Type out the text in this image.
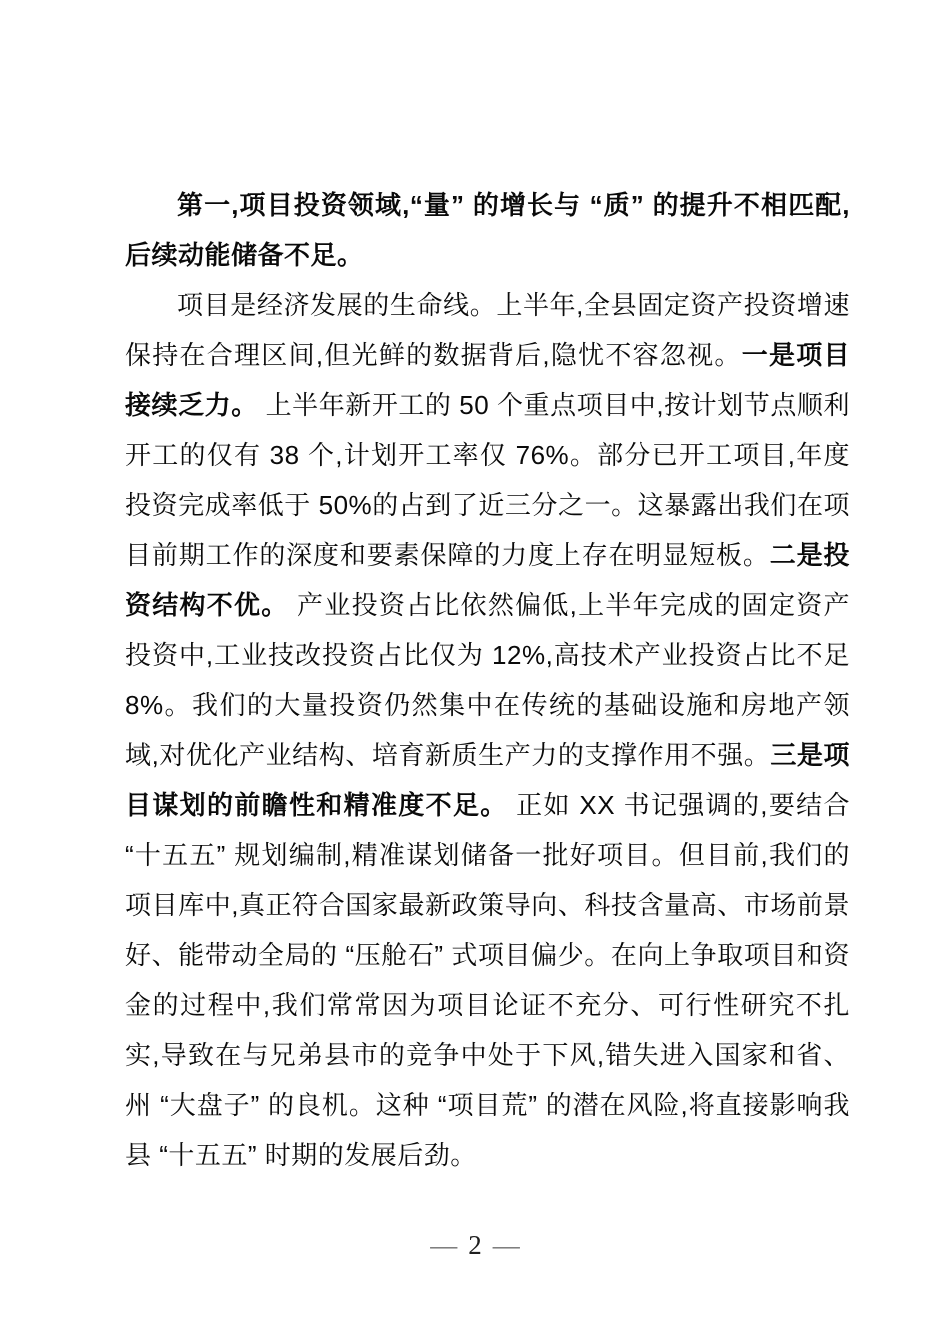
第一,项目投资领域,“量” 的增长与 “质” 的提升不相匹配,后续动能储备不足。

项目是经济发展的生命线。上半年,全县固定资产投资增速保持在合理区间,但光鲜的数据背后,隐忧不容忽视。一是项目接续乏力。 上半年新开工的 50 个重点项目中,按计划节点顺利开工的仅有 38 个,计划开工率仅 76%。部分已开工项目,年度投资完成率低于 50%的占到了近三分之一。这暴露出我们在项目前期工作的深度和要素保障的力度上存在明显短板。二是投资结构不优。 产业投资占比依然偏低,上半年完成的固定资产投资中,工业技改投资占比仅为 12%,高技术产业投资占比不足 8%。我们的大量投资仍然集中在传统的基础设施和房地产领域,对优化产业结构、培育新质生产力的支撑作用不强。三是项目谋划的前瞻性和精准度不足。 正如 XX 书记强调的,要结合 “十五五” 规划编制,精准谋划储备一批好项目。但目前,我们的项目库中,真正符合国家最新政策导向、科技含量高、市场前景好、能带动全局的 “压舱石” 式项目偏少。在向上争取项目和资金的过程中,我们常常因为项目论证不充分、可行性研究不扎实,导致在与兄弟县市的竞争中处于下风,错失进入国家和省、州 “大盘子” 的良机。这种 “项目荒” 的潜在风险,将直接影响我县 “十五五” 时期的发展后劲。

— 2 —
